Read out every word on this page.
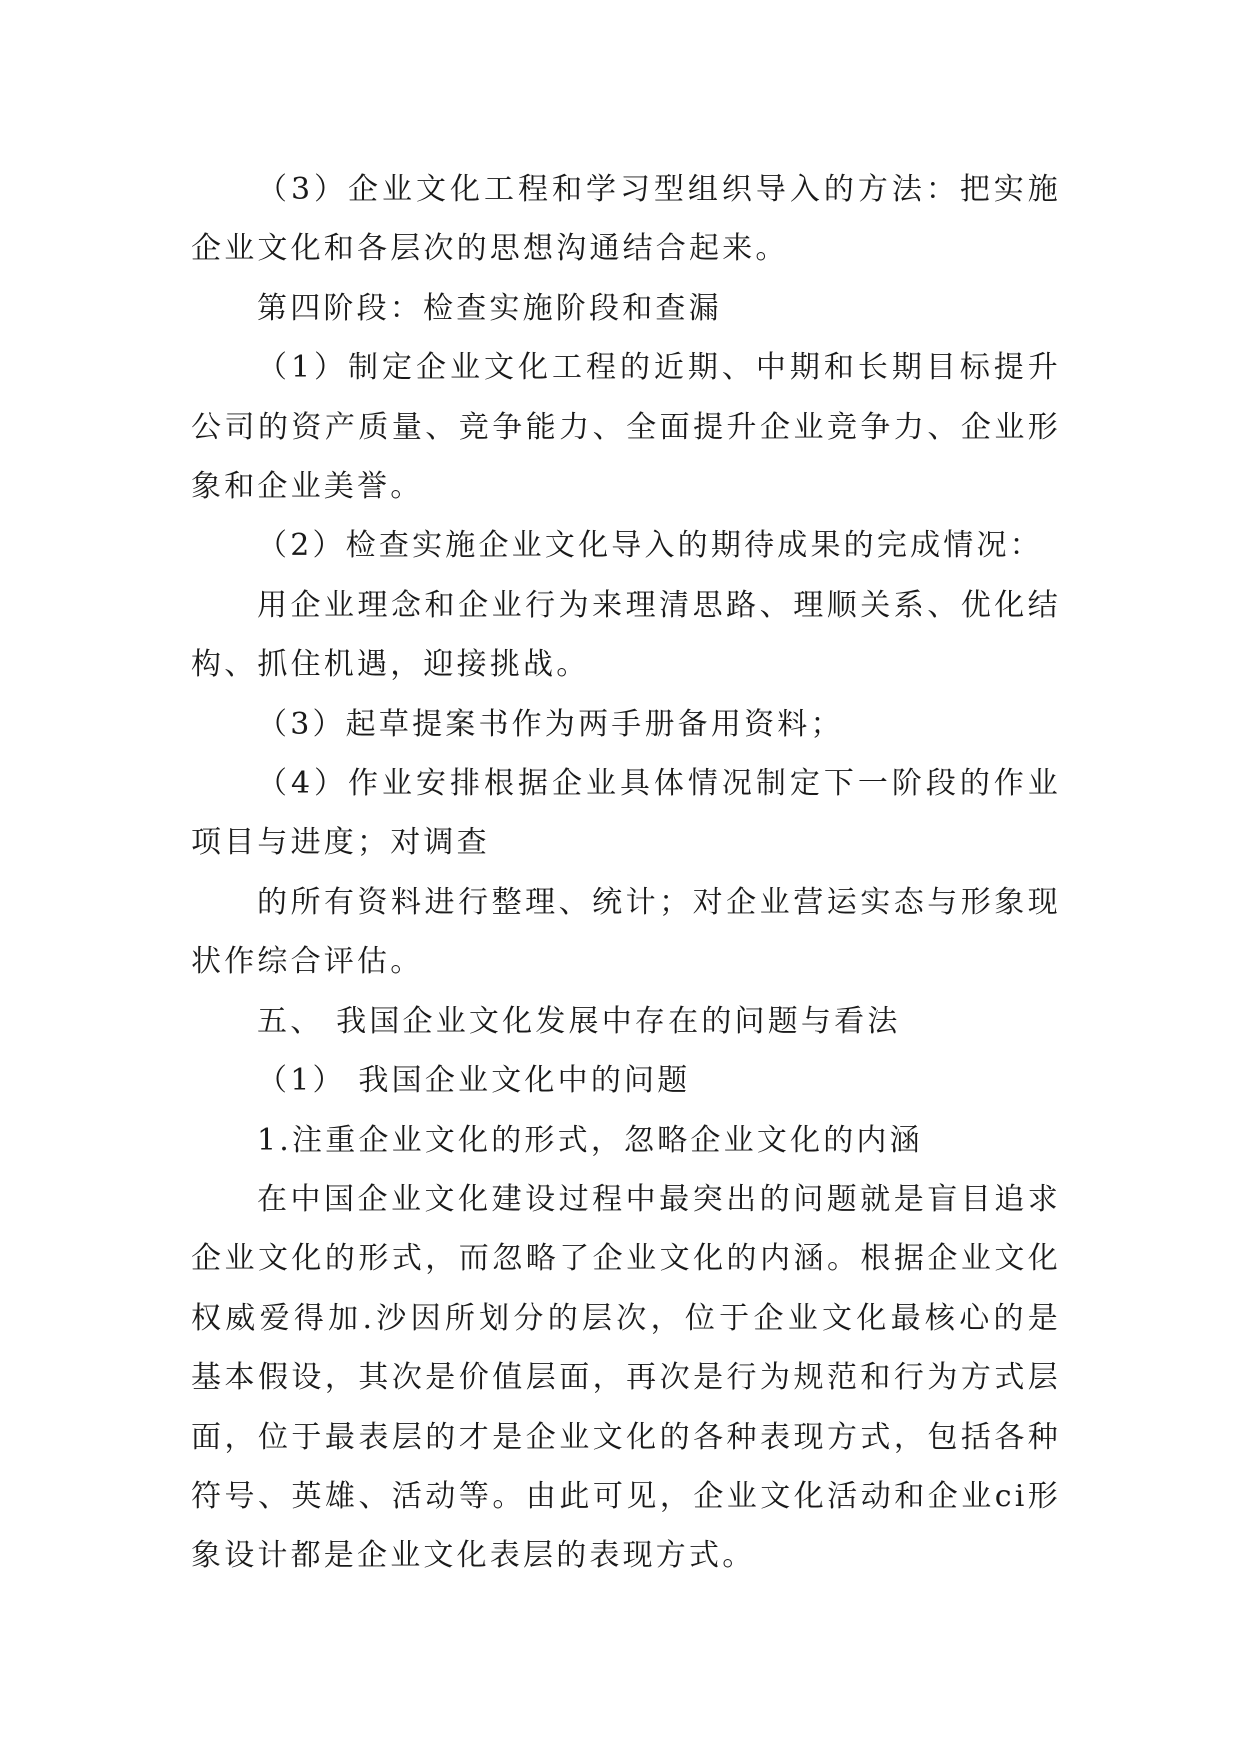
（3）企业文化工程和学习型组织导入的方法：把实施企业文化和各层次的思想沟通结合起来。

第四阶段：检查实施阶段和查漏

（1）制定企业文化工程的近期、中期和长期目标提升公司的资产质量、竞争能力、全面提升企业竞争力、企业形象和企业美誉。

（2）检查实施企业文化导入的期待成果的完成情况：

用企业理念和企业行为来理清思路、理顺关系、优化结构、抓住机遇，迎接挑战。

（3）起草提案书作为两手册备用资料；

（4）作业安排根据企业具体情况制定下一阶段的作业项目与进度；对调查

的所有资料进行整理、统计；对企业营运实态与形象现状作综合评估。

五、 我国企业文化发展中存在的问题与看法

（1） 我国企业文化中的问题

1.注重企业文化的形式，忽略企业文化的内涵

在中国企业文化建设过程中最突出的问题就是盲目追求企业文化的形式，而忽略了企业文化的内涵。根据企业文化权威爱得加.沙因所划分的层次，位于企业文化最核心的是基本假设，其次是价值层面，再次是行为规范和行为方式层面，位于最表层的才是企业文化的各种表现方式，包括各种符号、英雄、活动等。由此可见，企业文化活动和企业ci形象设计都是企业文化表层的表现方式。
